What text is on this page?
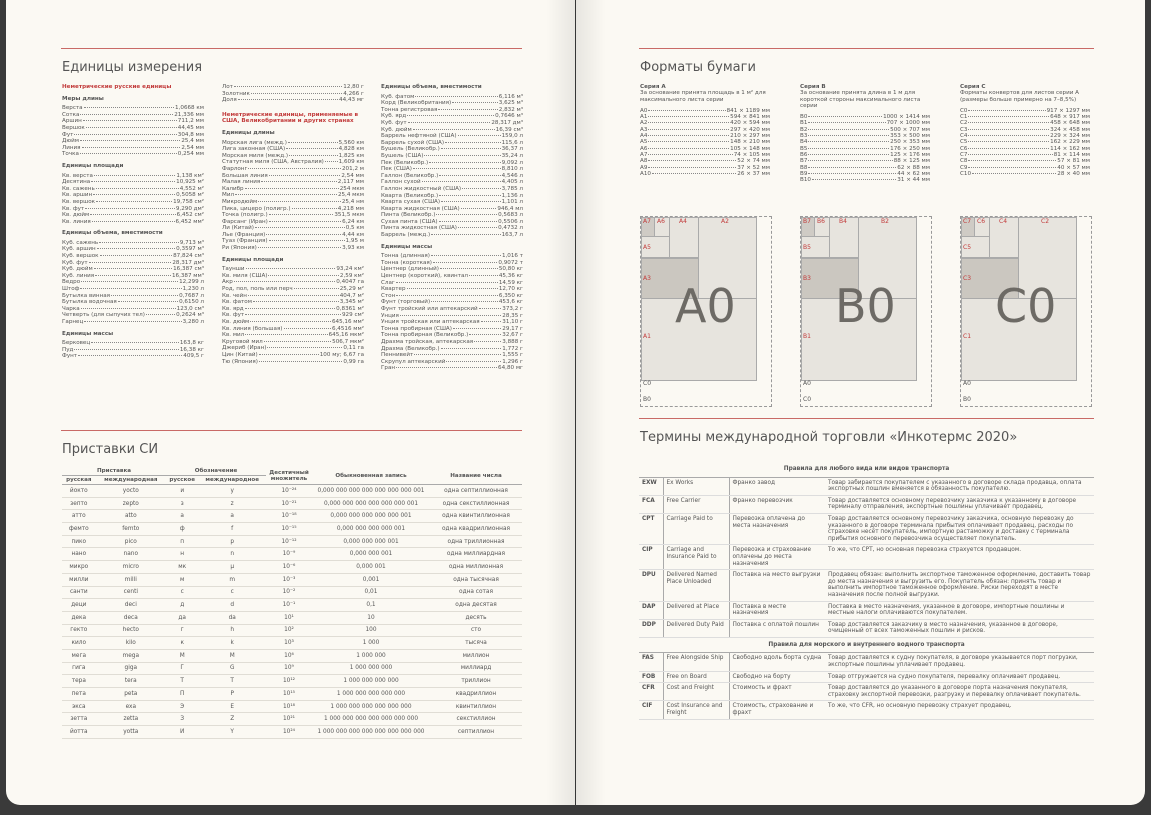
Единицы измерения
Неметрические русские единицы
Меры длины
Верста	1,0668 км
Сотка	21,336 мм
Аршин	711,2 мм
Вершок	44,45 мм
Фут	304,8 мм
Дюйм	25,4 мм
Линия	2,54 мм
Точка	0,254 мм
Единицы площади
Кв. верста	1,138 км²
Десятина	10,925 м²
Кв. сажень	4,552 м²
Кв. аршин	0,5058 м²
Кв. вершок	19,758 см²
Кв. фут	9,290 дм²
Кв. дюйм	6,452 см²
Кв. линия	6,452 мм²
Единицы объема, вместимости
Куб. сажень	9,713 м³
Куб. аршин	0,3597 м³
Куб. вершок	87,824 см³
Куб. фут	28,317 дм³
Куб. дюйм	16,387 см³
Куб. линия	16,387 мм³
Ведро	12,299 л
Штоф	1,230 л
Бутылка винная	0,7687 л
Бутылка водочная	0,6150 л
Чарка	123,0 см³
Четверть (для сыпучих тел)	0,2624 м³
Гарнец	3,280 л
Единицы массы
Берковец	163,8 кг
Пуд	16,38 кг
Фунт	409,5 г
Лот	12,80 г
Золотник	4,266 г
Доля	44,43 мг
Неметрические единицы, применяемые в США, Великобритании и других странах
Единицы длины
Морская лига (межд.)	5,560 км
Лига законная (США)	4,828 км
Морская миля (межд.)	1,825 км
Статутная миля (США, Австралия)	1,609 км
Фарлонг	201,2 м
Большая линия	2,54 мм
Малая линия	2,117 мм
Калибр	254 мкм
Мил	25,4 мкм
Микродюйм	25,4 нм
Пика, цицеро (полигр.)	4,218 мм
Точка (полигр.)	351,5 мкм
Фарсанг (Иран)	6,24 км
Ли (Китай)	0,5 км
Лье (Франция)	4,44 км
Туаз (Франция)	1,95 м
Ри (Япония)	3,93 км
Единицы площади
Таунши	93,24 км²
Кв. миля (США)	2,59 км²
Акр	0,4047 га
Род, пол, поль или перч	25,29 м²
Кв. чейн	404,7 м²
Кв. фатом	3,345 м²
Кв. ярд	0,8361 м²
Кв. фут	929 см²
Кв. дюйм	645,16 мм²
Кв. линия (большая)	6,4516 мм²
Кв. мил	645,16 мкм²
Круговой мил	506,7 мкм²
Джериб (Иран)	0,11 га
Цин (Китай)	100 му; 6,67 га
Тю (Япония)	0,99 га
Единицы объема, вместимости
Куб. фатом	6,116 м³
Корд (Великобритания)	3,625 м³
Тонна регистровая	2,832 м³
Куб. ярд	0,7646 м³
Куб. фут	28,317 дм³
Куб. дюйм	16,39 см³
Баррель нефтяной (США)	159,0 л
Баррель сухой (США)	115,6 л
Бушель (Великобр.)	36,37 л
Бушель (США)	35,24 л
Пек (Великобр.)	9,092 л
Пек (США)	8,810 л
Галлон (Великобр.)	4,546 л
Галлон сухой	4,405 л
Галлон жидкостный (США)	3,785 л
Кварта (Великобр.)	1,136 л
Кварта сухая (США)	1,101 л
Кварта жидкостная (США)	946,4 мл
Пинта (Великобр.)	0,5683 л
Сухая пинта (США)	0,5506 л
Пинта жидкостная (США)	0,4732 л
Баррель (межд.)	163,7 л
Единицы массы
Тонна (длинная)	1,016 т
Тонна (короткая)	0,9072 т
Центнер (длинный)	50,80 кг
Центнер (короткий), квинтал	45,36 кг
Слаг	14,59 кг
Квартер	12,70 кг
Стон	6,350 кг
Фунт (торговый)	453,6 кг
Фунт тройский или аптекарский	373,2 г
Унция	28,35 г
Унция тройская или аптекарская	31,10 г
Тонна пробирная (США)	29,17 г
Тонна пробирная (Великобр.)	32,67 г
Драхма тройская, аптекарская	3,888 г
Драхма (Великобр.)	1,772 г
Пеннивейт	1,555 г
Скрупул аптекарский	1,296 г
Гран	64,80 мг
Приставки СИ
Приставка		Обозначение		Десятичный множитель	Обыкновенная запись	Название числа
русская	международная	русское	международное			
йокто	yocto	и	y	10⁻²⁴	0,000 000 000 000 000 000 000 001	одна септиллионная
зепто	zepto	з	z	10⁻²¹	0,000 000 000 000 000 000 001	одна секстиллионная
атто	atto	а	a	10⁻¹⁸	0,000 000 000 000 000 001	одна квинтиллионная
фемто	femto	ф	f	10⁻¹⁵	0,000 000 000 000 001	одна квадриллионная
пико	pico	п	p	10⁻¹²	0,000 000 000 001	одна триллионная
нано	nano	н	n	10⁻⁹	0,000 000 001	одна миллиардная
микро	micro	мк	µ	10⁻⁶	0,000 001	одна миллионная
милли	milli	м	m	10⁻³	0,001	одна тысячная
санти	centi	с	c	10⁻²	0,01	одна сотая
деци	deci	д	d	10⁻¹	0,1	одна десятая
дека	deca	да	da	10¹	10	десять
гекто	hecto	г	h	10²	100	сто
кило	kilo	к	k	10³	1 000	тысяча
мега	mega	М	M	10⁶	1 000 000	миллион
гига	giga	Г	G	10⁹	1 000 000 000	миллиард
тера	tera	Т	T	10¹²	1 000 000 000 000	триллион
пета	peta	П	P	10¹⁵	1 000 000 000 000 000	квадриллион
экса	exa	Э	E	10¹⁸	1 000 000 000 000 000 000	квинтиллион
зетта	zetta	З	Z	10²¹	1 000 000 000 000 000 000 000	секстиллион
йотта	yotta	И	Y	10²⁴	1 000 000 000 000 000 000 000 000	септиллион
Форматы бумаги
Серия А
За основание принята площадь в 1 м² для максимального листа серии
A0	841 × 1189 мм
A1	594 × 841 мм
A2	420 × 594 мм
A3	297 × 420 мм
A4	210 × 297 мм
A5	148 × 210 мм
A6	105 × 148 мм
A7	74 × 105 мм
A8	52 × 74 мм
A9	37 × 52 мм
A10	26 × 37 мм
A7 A6 A4	A2
A5
A3
A1
C0
B0
A0
Серия В
За основание принята длина в 1 м для короткой стороны максимального листа серии
B0	1000 × 1414 мм
B1	707 × 1000 мм
B2	500 × 707 мм
B3	353 × 500 мм
B4	250 × 353 мм
B5	176 × 250 мм
B6	125 × 176 мм
B7	88 × 125 мм
B8	62 × 88 мм
B9	44 × 62 мм
B10	31 × 44 мм
B7 B6 B4	B2
B5
B3
B1
A0
C0
B0
Серия С
Форматы конвертов для листов серии А (размеры больше примерно на 7–8,5%)
C0	917 × 1297 мм
C1	648 × 917 мм
C2	458 × 648 мм
C3	324 × 458 мм
C4	229 × 324 мм
C5	162 × 229 мм
C6	114 × 162 мм
C7	81 × 114 мм
C8	57 × 81 мм
C9	40 × 57 мм
C10	28 × 40 мм
C7 C6 C4	C2
C5
C3
C1
A0
B0
C0
Термины международной торговли «Инкотермс 2020»
Правила для любого вида или видов транспорта			
EXW	Ex Works	Франко завод	Товар забирается покупателем с указанного в договоре склада продавца, оплата экспортных пошлин вменяется в обязанность покупателю.
FCA	Free Carrier	Франко перевозчик	Товар доставляется основному перевозчику заказчика к указанному в договоре терминалу отправления, экспортные пошлины уплачивает продавец.
CPT	Carriage Paid to	Перевозка оплачена до места назначения	Товар доставляется основному перевозчику заказчика, основную перевозку до указанного в договоре терминала прибытия оплачивает продавец, расходы по страховке несёт покупатель, импортную растаможку и доставку с терминала прибытия основного перевозчика осуществляет покупатель.
CIP	Carriage and Insurance Paid to	Перевозка и страхование оплачены до места назначения	То же, что CPT, но основная перевозка страхуется продавцом.
DPU	Delivered Named Place Unloaded	Поставка на место выгрузки	Продавец обязан: выполнить экспортное таможенное оформление, доставить товар до места назначения и выгрузить его. Покупатель обязан: принять товар и выполнить импортное таможенное оформление. Риски переходят в месте назначения после полной выгрузки.
DAP	Delivered at Place	Поставка в месте назначения	Поставка в место назначения, указанное в договоре, импортные пошлины и местные налоги оплачиваются покупателем.
DDP	Delivered Duty Paid	Поставка с оплатой пошлин	Товар доставляется заказчику в место назначения, указанное в договоре, очищенный от всех таможенных пошлин и рисков.
Правила для морского и внутреннего водного транспорта			
FAS	Free Alongside Ship	Свободно вдоль борта судна	Товар доставляется к судну покупателя, в договоре указывается порт погрузки, экспортные пошлины уплачивает продавец.
FOB	Free on Board	Свободно на борту	Товар отгружается на судно покупателя, перевалку оплачивает продавец.
CFR	Cost and Freight	Стоимость и фрахт	Товар доставляется до указанного в договоре порта назначения покупателя, страховку экспортной перевозки, разгрузку и перевалку оплачивает покупатель.
CIF	Cost Insurance and Freight	Стоимость, страхование и фрахт	То же, что CFR, но основную перевозку страхует продавец.
